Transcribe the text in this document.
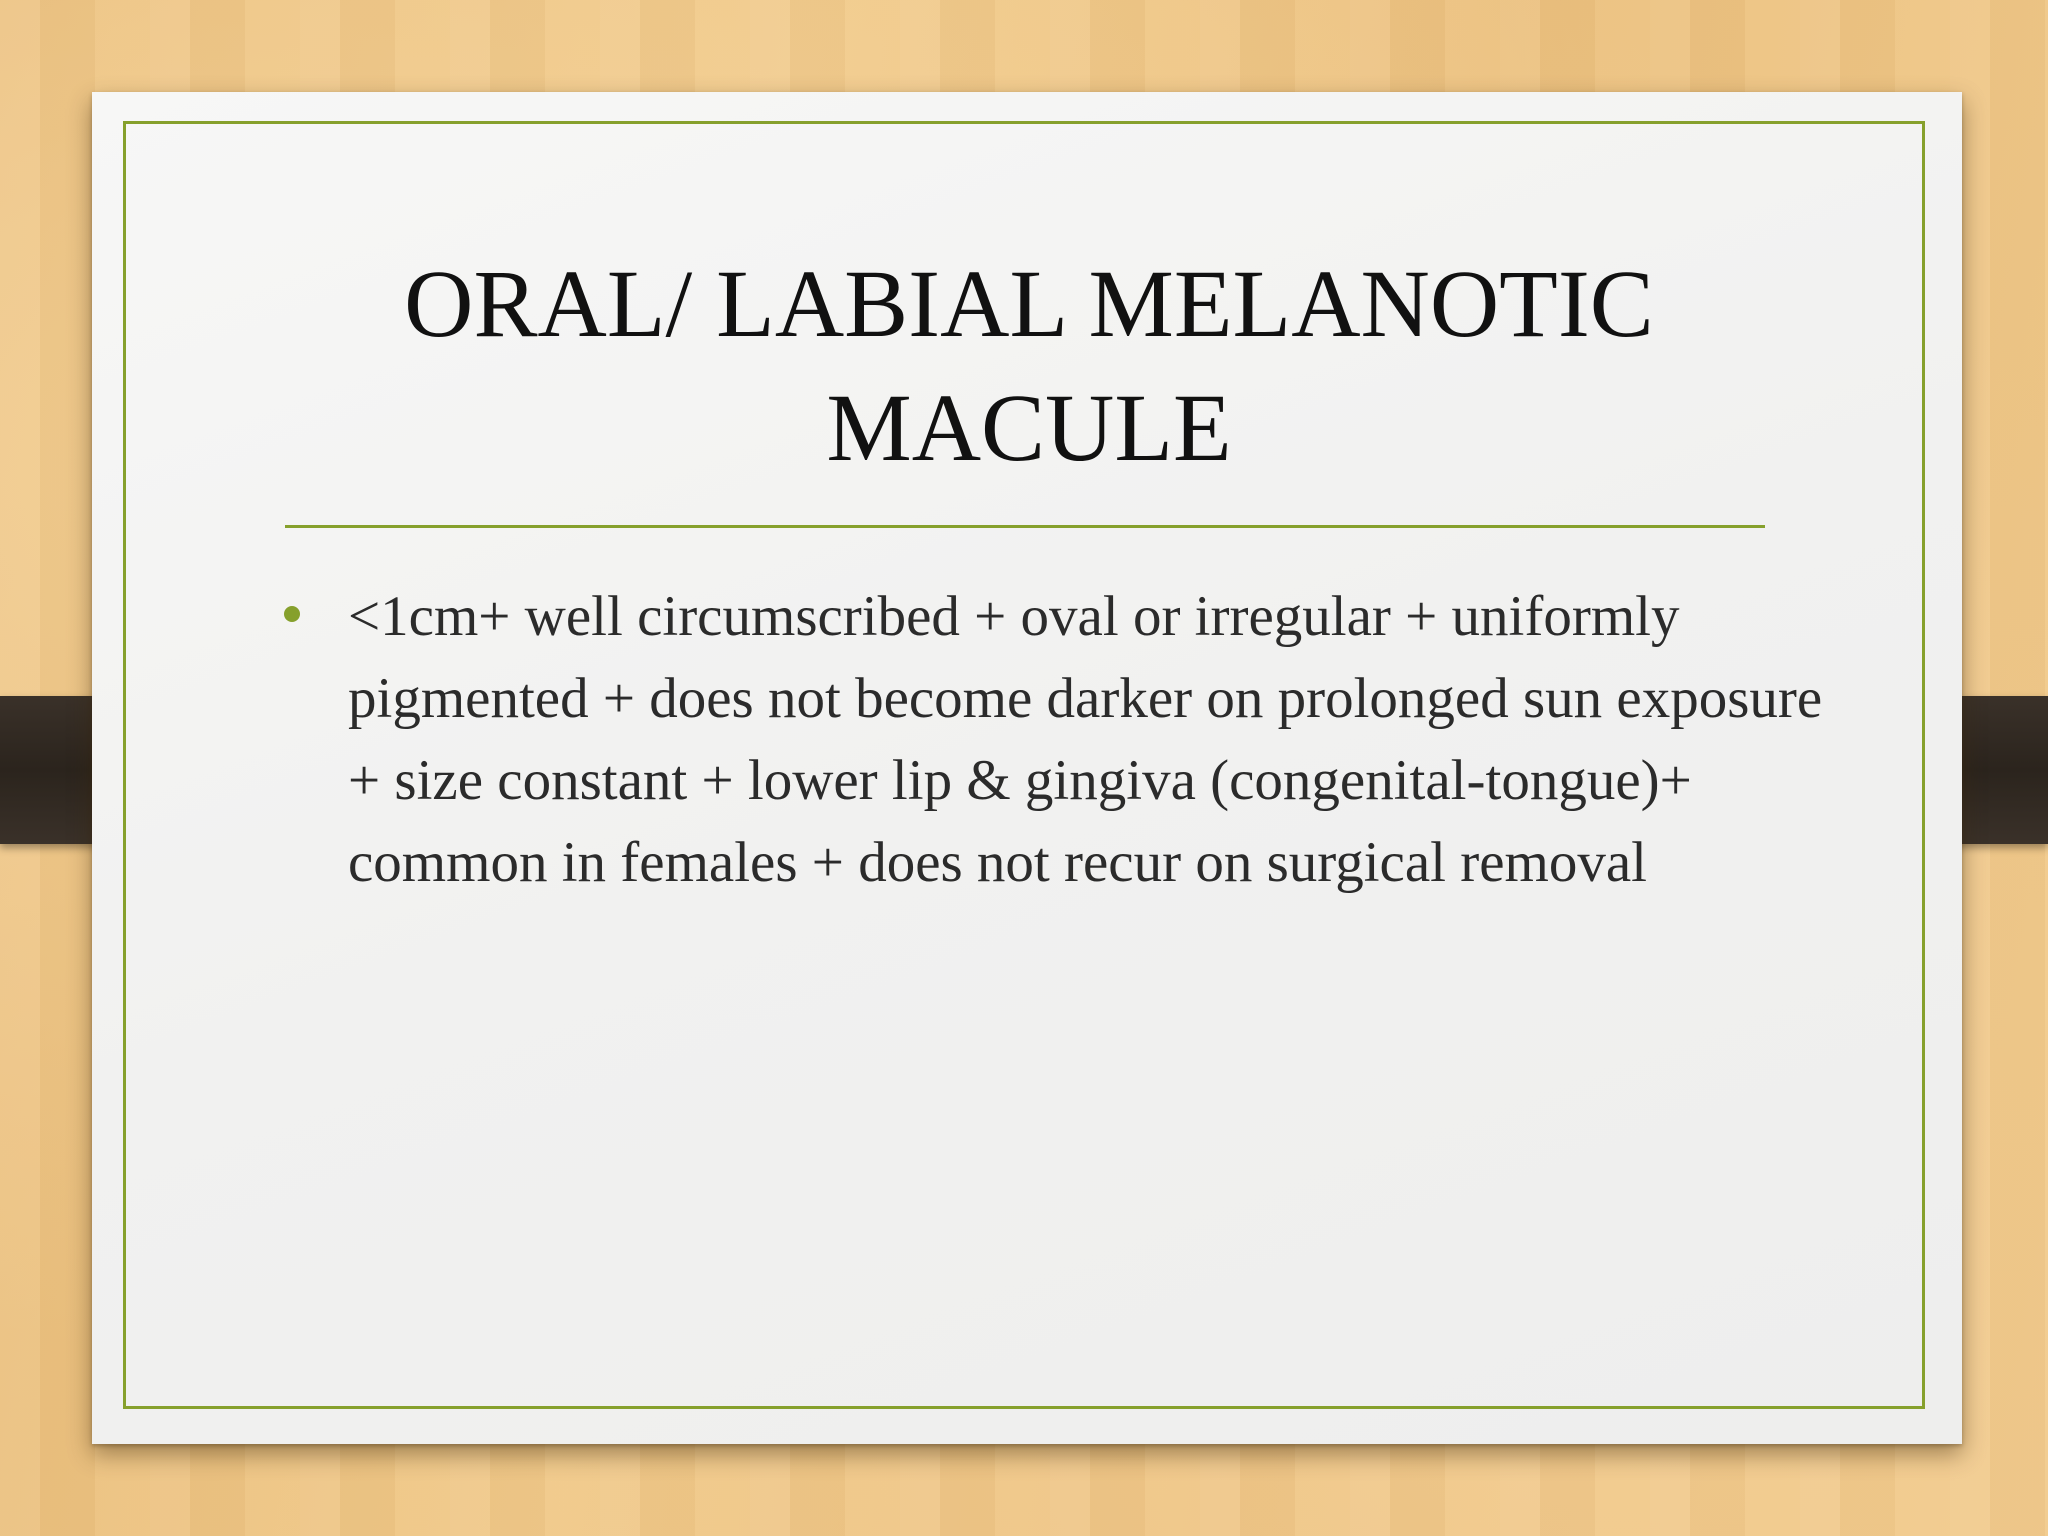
ORAL/ LABIAL MELANOTIC MACULE
<1cm+ well circumscribed + oval or irregular + uniformly pigmented + does not become darker on prolonged sun exposure + size constant + lower lip & gingiva (congenital-tongue)+ common in females + does not recur on surgical removal
